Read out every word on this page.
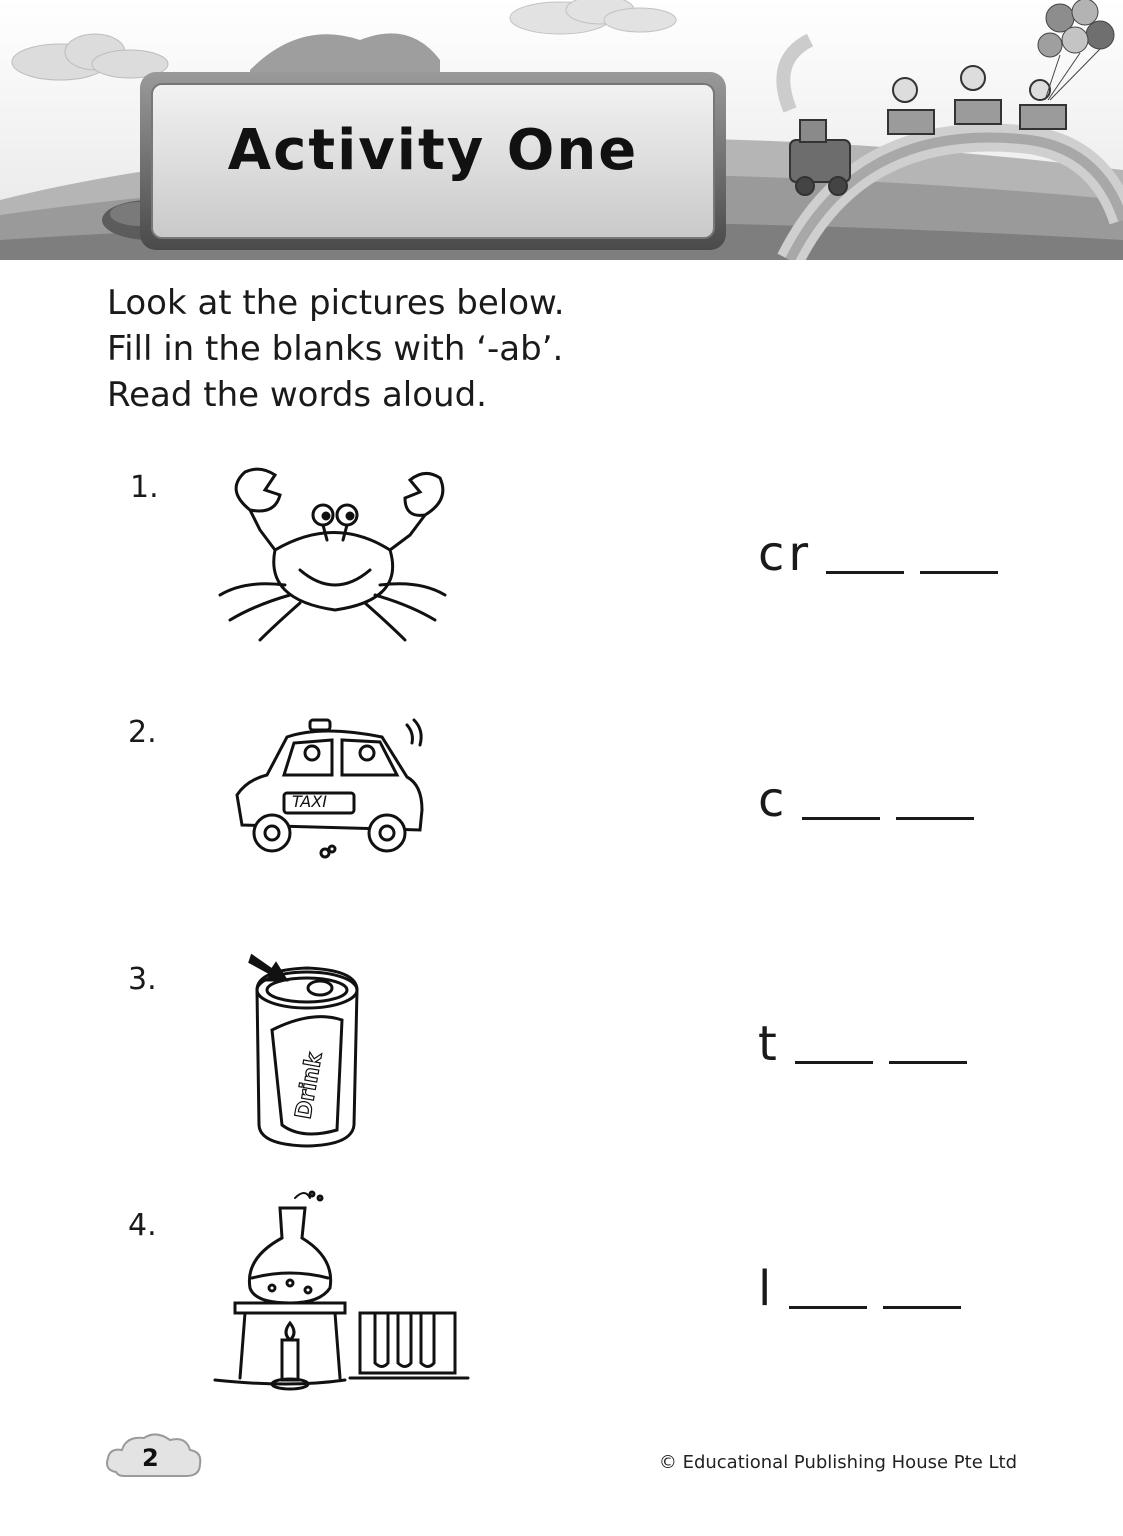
Activity One
Look at the pictures below.
Fill in the blanks with ‘-ab’.
Read the words aloud.
1.
cr
2.
TAXI	c
3.
Drink
t
4.
l
2	© Educational Publishing House Pte Ltd
